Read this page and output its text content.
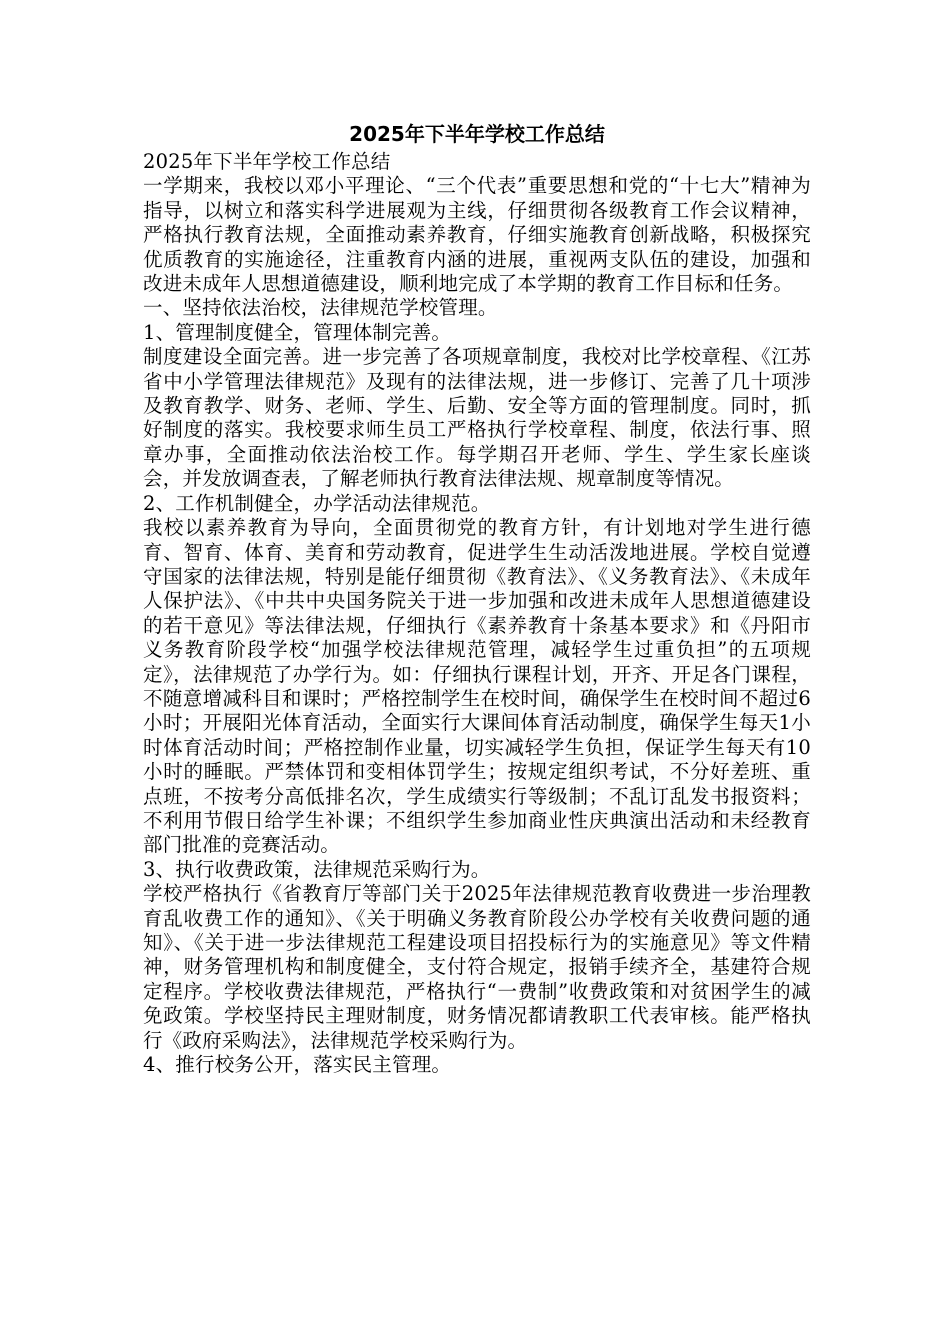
2025年下半年学校工作总结

2025年下半年学校工作总结

一学期来，我校以邓小平理论、“三个代表”重要思想和党的“十七大”精神为指导，以树立和落实科学进展观为主线，仔细贯彻各级教育工作会议精神，严格执行教育法规，全面推动素养教育，仔细实施教育创新战略，积极探究优质教育的实施途径，注重教育内涵的进展，重视两支队伍的建设，加强和改进未成年人思想道德建设，顺利地完成了本学期的教育工作目标和任务。

一、坚持依法治校，法律规范学校管理。

1、管理制度健全，管理体制完善。

制度建设全面完善。进一步完善了各项规章制度，我校对比学校章程、《江苏省中小学管理法律规范》及现有的法律法规，进一步修订、完善了几十项涉及教育教学、财务、老师、学生、后勤、安全等方面的管理制度。同时，抓好制度的落实。我校要求师生员工严格执行学校章程、制度，依法行事、照章办事，全面推动依法治校工作。每学期召开老师、学生、学生家长座谈会，并发放调查表，了解老师执行教育法律法规、规章制度等情况。

2、工作机制健全，办学活动法律规范。

我校以素养教育为导向，全面贯彻党的教育方针，有计划地对学生进行德育、智育、体育、美育和劳动教育，促进学生生动活泼地进展。学校自觉遵守国家的法律法规，特别是能仔细贯彻《教育法》、《义务教育法》、《未成年人保护法》、《中共中央国务院关于进一步加强和改进未成年人思想道德建设的若干意见》等法律法规，仔细执行《素养教育十条基本要求》和《丹阳市义务教育阶段学校“加强学校法律规范管理，减轻学生过重负担”的五项规定》，法律规范了办学行为。如：仔细执行课程计划，开齐、开足各门课程，不随意增减科目和课时；严格控制学生在校时间，确保学生在校时间不超过6小时；开展阳光体育活动，全面实行大课间体育活动制度，确保学生每天1小时体育活动时间；严格控制作业量，切实减轻学生负担，保证学生每天有10小时的睡眠。严禁体罚和变相体罚学生；按规定组织考试，不分好差班、重点班，不按考分高低排名次，学生成绩实行等级制；不乱订乱发书报资料；不利用节假日给学生补课；不组织学生参加商业性庆典演出活动和未经教育部门批准的竞赛活动。

3、执行收费政策，法律规范采购行为。

学校严格执行《省教育厅等部门关于2025年法律规范教育收费进一步治理教育乱收费工作的通知》、《关于明确义务教育阶段公办学校有关收费问题的通知》、《关于进一步法律规范工程建设项目招投标行为的实施意见》等文件精神，财务管理机构和制度健全，支付符合规定，报销手续齐全，基建符合规定程序。学校收费法律规范，严格执行“一费制”收费政策和对贫困学生的减免政策。学校坚持民主理财制度，财务情况都请教职工代表审核。能严格执行《政府采购法》，法律规范学校采购行为。

4、推行校务公开，落实民主管理。
